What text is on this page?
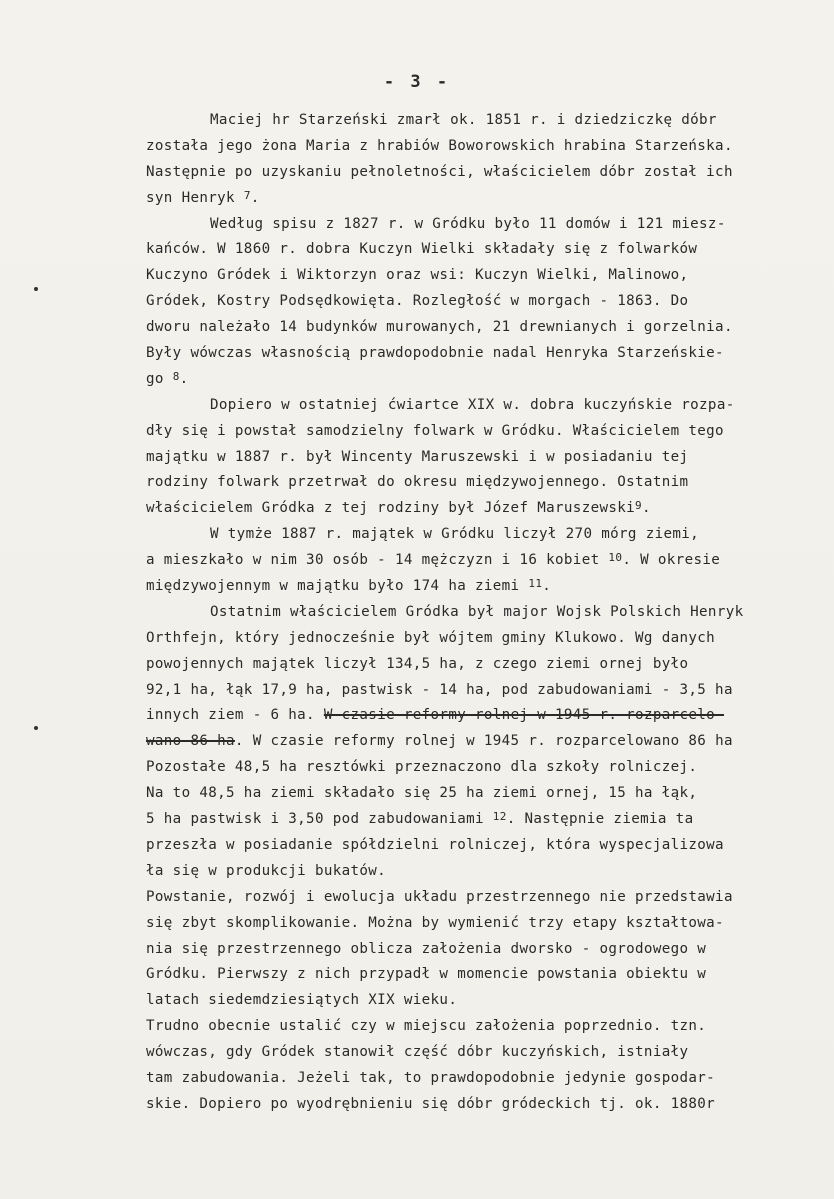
- 3 -
Maciej hr Starzeński zmarł ok. 1851 r. i dziedziczkę dóbr
została jego żona Maria z hrabiów Boworowskich hrabina Starzeńska.
Następnie po uzyskaniu pełnoletności, właścicielem dóbr został ich
syn Henryk $^7$.
Według spisu z 1827 r. w Gródku było 11 domów i 121 miesz-
kańców. W 1860 r. dobra Kuczyn Wielki składały się z folwarków
Kuczyno Gródek i Wiktorzyn oraz wsi: Kuczyn Wielki, Malinowo,
Gródek, Kostry Podsędkowięta. Rozległość w morgach - 1863. Do
dworu należało 14 budynków murowanych, 21 drewnianych i gorzelnia.
Były wówczas własnością prawdopodobnie nadal Henryka Starzeńskie-
go $^8$.
Dopiero w ostatniej ćwiartce XIX w. dobra kuczyńskie rozpa-
dły się i powstał samodzielny folwark w Gródku. Właścicielem tego
majątku w 1887 r. był Wincenty Maruszewski i w posiadaniu tej
rodziny folwark przetrwał do okresu międzywojennego. Ostatnim
właścicielem Gródka z tej rodziny był Józef Maruszewski$^9$.
W tymże 1887 r. majątek w Gródku liczył 270 mórg ziemi,
a mieszkało w nim 30 osób - 14 mężczyzn i 16 kobiet $^{10}$. W okresie
międzywojennym w majątku było 174 ha ziemi $^{11}$.
Ostatnim właścicielem Gródka był major Wojsk Polskich Henryk
Orthfejn, który jednocześnie był wójtem gminy Klukowo. Wg danych
powojennych majątek liczył 134,5 ha, z czego ziemi ornej było
92,1 ha, łąk 17,9 ha, pastwisk - 14 ha, pod zabudowaniami - 3,5 ha
innych ziem - 6 ha. W czasie reformy rolnej w 1945 r. rozparcelo-
wano 86 ha. W czasie reformy rolnej w 1945 r. rozparcelowano 86 ha
Pozostałe 48,5 ha resztówki przeznaczono dla szkoły rolniczej.
Na to 48,5 ha ziemi składało się 25 ha ziemi ornej, 15 ha łąk,
5 ha pastwisk i 3,50 pod zabudowaniami $^{12}$. Następnie ziemia ta
przeszła w posiadanie spółdzielni rolniczej, która wyspecjalizowa
ła się w produkcji bukatów.
Powstanie, rozwój i ewolucja układu przestrzennego nie przedstawia
się zbyt skomplikowanie. Można by wymienić trzy etapy kształtowa-
nia się przestrzennego oblicza założenia dworsko - ogrodowego w
Gródku. Pierwszy z nich przypadł w momencie powstania obiektu w
latach siedemdziesiątych XIX wieku.
Trudno obecnie ustalić czy w miejscu założenia poprzednio. tzn.
wówczas, gdy Gródek stanowił część dóbr kuczyńskich, istniały
tam zabudowania. Jeżeli tak, to prawdopodobnie jedynie gospodar-
skie. Dopiero po wyodrębnieniu się dóbr gródeckich tj. ok. 1880r
